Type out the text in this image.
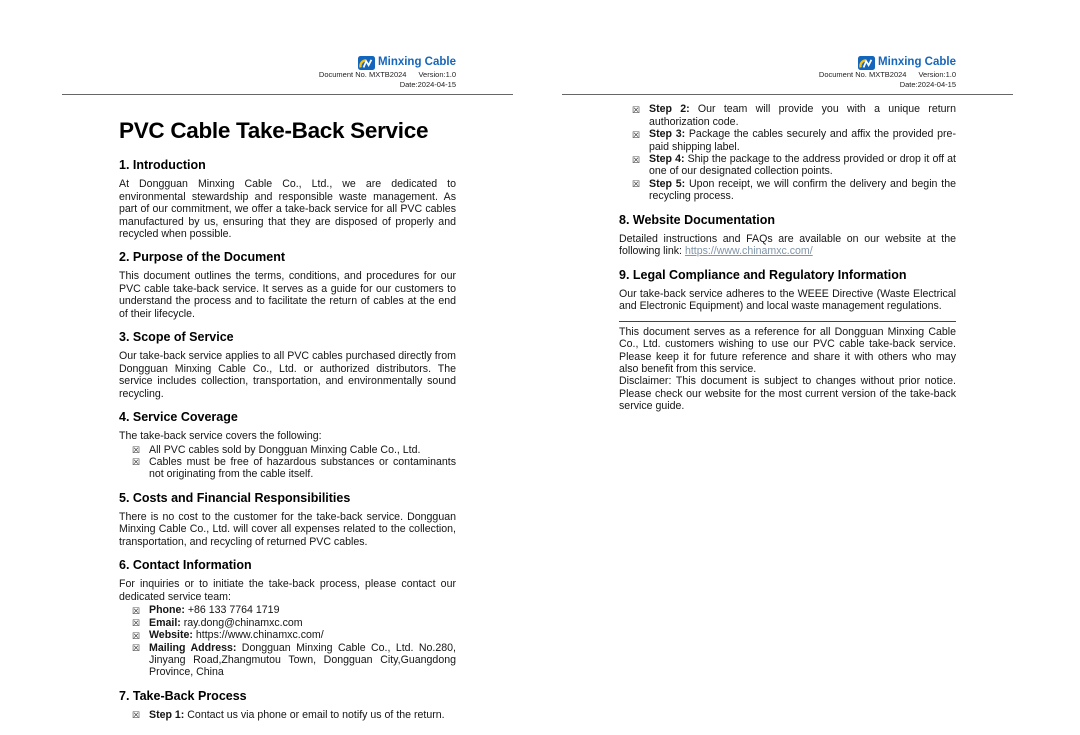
Minxing Cable
Document No. MXTB2024 Version:1.0
Date:2024-04-15
PVC Cable Take-Back Service
1. Introduction
At Dongguan Minxing Cable Co., Ltd., we are dedicated to environmental stewardship and responsible waste management. As part of our commitment, we offer a take-back service for all PVC cables manufactured by us, ensuring that they are disposed of properly and recycled when possible.
2. Purpose of the Document
This document outlines the terms, conditions, and procedures for our PVC cable take-back service. It serves as a guide for our customers to understand the process and to facilitate the return of cables at the end of their lifecycle.
3. Scope of Service
Our take-back service applies to all PVC cables purchased directly from Dongguan Minxing Cable Co., Ltd. or authorized distributors. The service includes collection, transportation, and environmentally sound recycling.
4. Service Coverage
The take-back service covers the following:
☒ All PVC cables sold by Dongguan Minxing Cable Co., Ltd.
☒ Cables must be free of hazardous substances or contaminants not originating from the cable itself.
5. Costs and Financial Responsibilities
There is no cost to the customer for the take-back service. Dongguan Minxing Cable Co., Ltd. will cover all expenses related to the collection, transportation, and recycling of returned PVC cables.
6. Contact Information
For inquiries or to initiate the take-back process, please contact our dedicated service team:
☒ Phone: +86 133 7764 1719
☒ Email: ray.dong@chinamxc.com
☒ Website: https://www.chinamxc.com/
☒ Mailing Address: Dongguan Minxing Cable Co., Ltd. No.280, Jinyang Road,Zhangmutou Town, Dongguan City,Guangdong Province, China
7. Take-Back Process
☒ Step 1: Contact us via phone or email to notify us of the return.
Minxing Cable
Document No. MXTB2024 Version:1.0
Date:2024-04-15
☒ Step 2: Our team will provide you with a unique return authorization code.
☒ Step 3: Package the cables securely and affix the provided pre-paid shipping label.
☒ Step 4: Ship the package to the address provided or drop it off at one of our designated collection points.
☒ Step 5: Upon receipt, we will confirm the delivery and begin the recycling process.
8. Website Documentation
Detailed instructions and FAQs are available on our website at the following link: https://www.chinamxc.com/
9. Legal Compliance and Regulatory Information
Our take-back service adheres to the WEEE Directive (Waste Electrical and Electronic Equipment) and local waste management regulations.
This document serves as a reference for all Dongguan Minxing Cable Co., Ltd. customers wishing to use our PVC cable take-back service. Please keep it for future reference and share it with others who may also benefit from this service.
Disclaimer: This document is subject to changes without prior notice. Please check our website for the most current version of the take-back service guide.
